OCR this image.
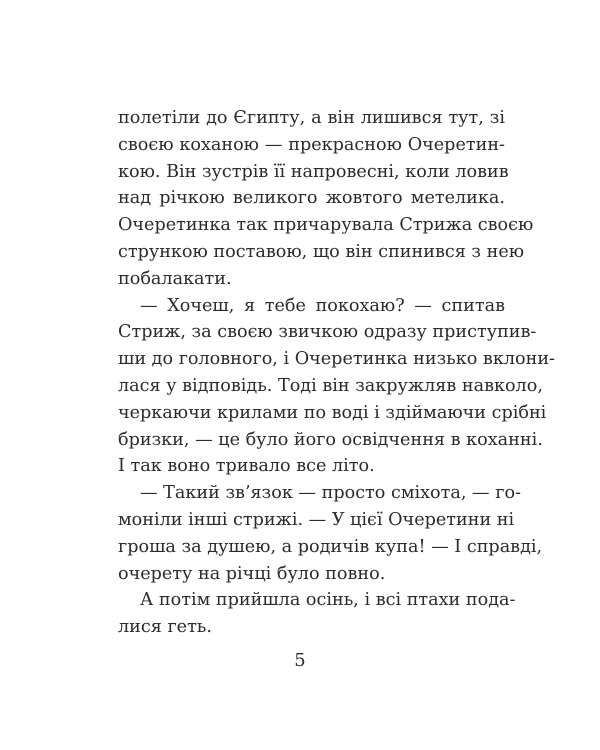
полетіли до Єгипту, а він лишився тут, зі
своєю коханою — прекрасною Очеретин-
кою. Він зустрів її напровесні, коли ловив
над річкою великого жовтого метелика.
Очеретинка так причарувала Стрижа своєю
стрункою поставою, що він спинився з нею
побалакати.
— Хочеш, я тебе покохаю? — спитав
Стриж, за своєю звичкою одразу приступив-
ши до головного, і Очеретинка низько вклони-
лася у відповідь. Тоді він закружляв навколо,
черкаючи крилами по воді і здіймаючи срібні
бризки, — це було його освідчення в коханні.
І так воно тривало все літо.
— Такий зв’язок — просто сміхота, — го-
моніли інші стрижі. — У цієї Очеретини ні
гроша за душею, а родичів купа! — І справді,
очерету на річці було повно.
А потім прийшла осінь, і всі птахи пода-
лися геть.
5
